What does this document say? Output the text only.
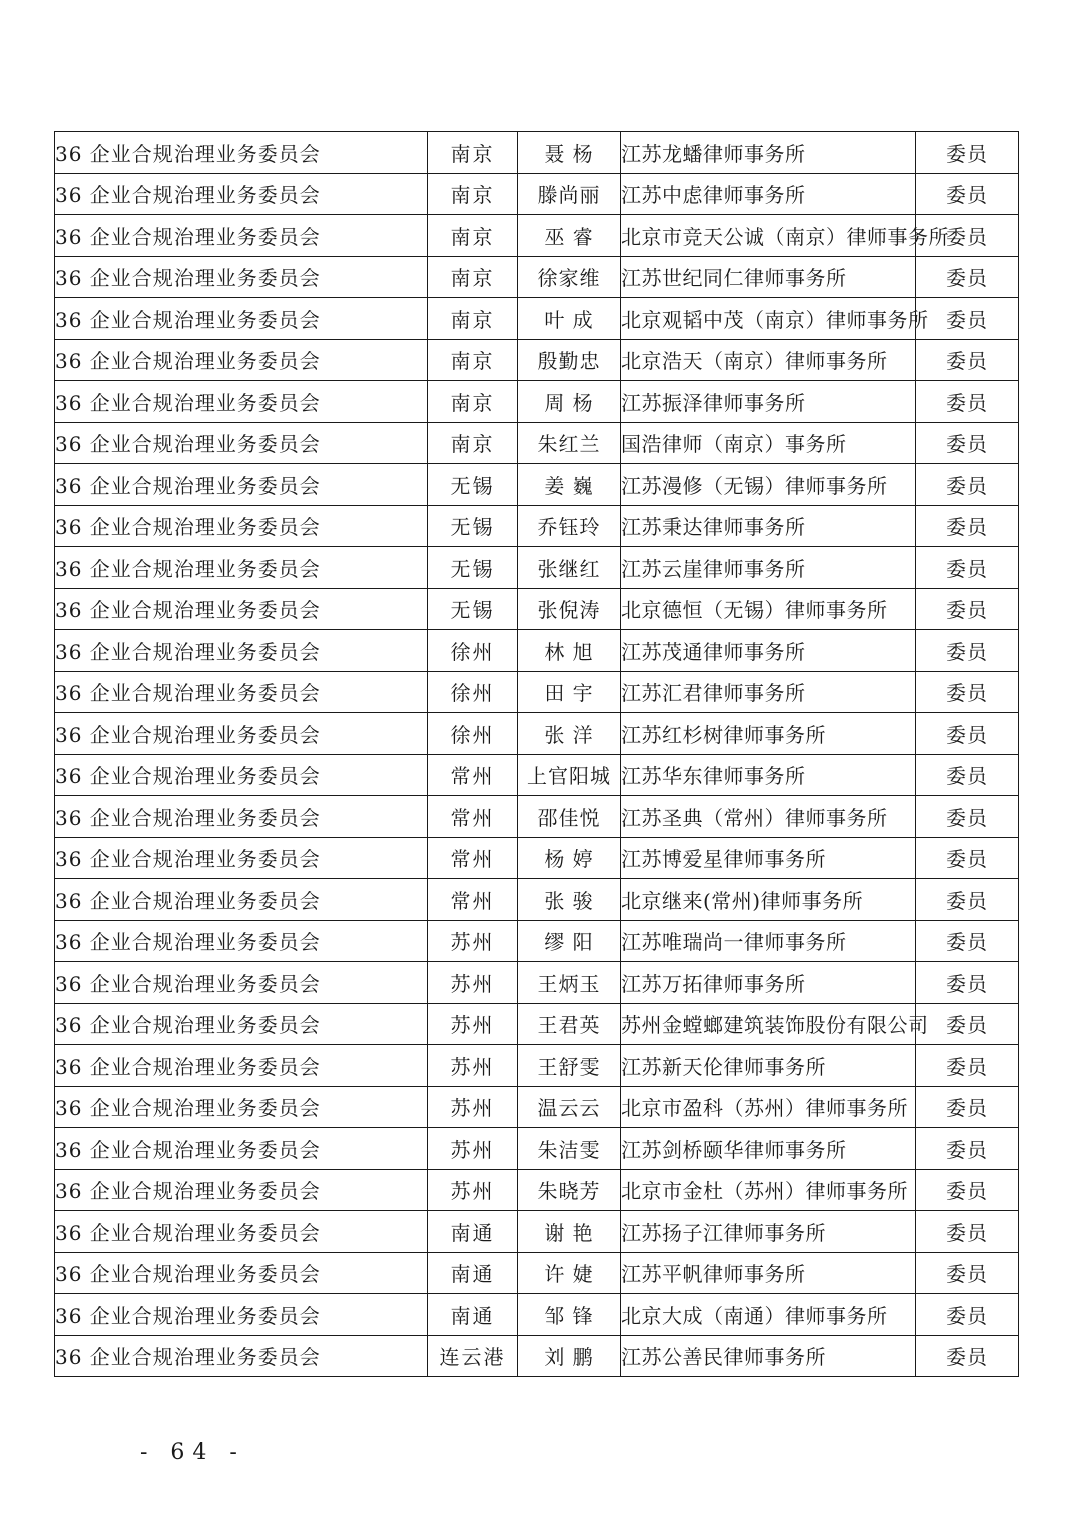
36 企业合规治理业务委员会	南京	聂 杨	江苏龙蟠律师事务所	委员
36 企业合规治理业务委员会	南京	滕尚丽	江苏中虑律师事务所	委员
36 企业合规治理业务委员会	南京	巫 睿	北京市竞天公诚（南京）律师事务所	委员
36 企业合规治理业务委员会	南京	徐家维	江苏世纪同仁律师事务所	委员
36 企业合规治理业务委员会	南京	叶 成	北京观韬中茂（南京）律师事务所	委员
36 企业合规治理业务委员会	南京	殷勤忠	北京浩天（南京）律师事务所	委员
36 企业合规治理业务委员会	南京	周 杨	江苏振泽律师事务所	委员
36 企业合规治理业务委员会	南京	朱红兰	国浩律师（南京）事务所	委员
36 企业合规治理业务委员会	无锡	姜 巍	江苏漫修（无锡）律师事务所	委员
36 企业合规治理业务委员会	无锡	乔钰玲	江苏秉达律师事务所	委员
36 企业合规治理业务委员会	无锡	张继红	江苏云崖律师事务所	委员
36 企业合规治理业务委员会	无锡	张倪涛	北京德恒（无锡）律师事务所	委员
36 企业合规治理业务委员会	徐州	林 旭	江苏茂通律师事务所	委员
36 企业合规治理业务委员会	徐州	田 宇	江苏汇君律师事务所	委员
36 企业合规治理业务委员会	徐州	张 洋	江苏红杉树律师事务所	委员
36 企业合规治理业务委员会	常州	上官阳城	江苏华东律师事务所	委员
36 企业合规治理业务委员会	常州	邵佳悦	江苏圣典（常州）律师事务所	委员
36 企业合规治理业务委员会	常州	杨 婷	江苏博爱星律师事务所	委员
36 企业合规治理业务委员会	常州	张 骏	北京继来(常州)律师事务所	委员
36 企业合规治理业务委员会	苏州	缪 阳	江苏唯瑞尚一律师事务所	委员
36 企业合规治理业务委员会	苏州	王炳玉	江苏万拓律师事务所	委员
36 企业合规治理业务委员会	苏州	王君英	苏州金螳螂建筑装饰股份有限公司	委员
36 企业合规治理业务委员会	苏州	王舒雯	江苏新天伦律师事务所	委员
36 企业合规治理业务委员会	苏州	温云云	北京市盈科（苏州）律师事务所	委员
36 企业合规治理业务委员会	苏州	朱洁雯	江苏剑桥颐华律师事务所	委员
36 企业合规治理业务委员会	苏州	朱晓芳	北京市金杜（苏州）律师事务所	委员
36 企业合规治理业务委员会	南通	谢 艳	江苏扬子江律师事务所	委员
36 企业合规治理业务委员会	南通	许 婕	江苏平帆律师事务所	委员
36 企业合规治理业务委员会	南通	邹 锋	北京大成（南通）律师事务所	委员
36 企业合规治理业务委员会	连云港	刘 鹏	江苏公善民律师事务所	委员
- 64 -
